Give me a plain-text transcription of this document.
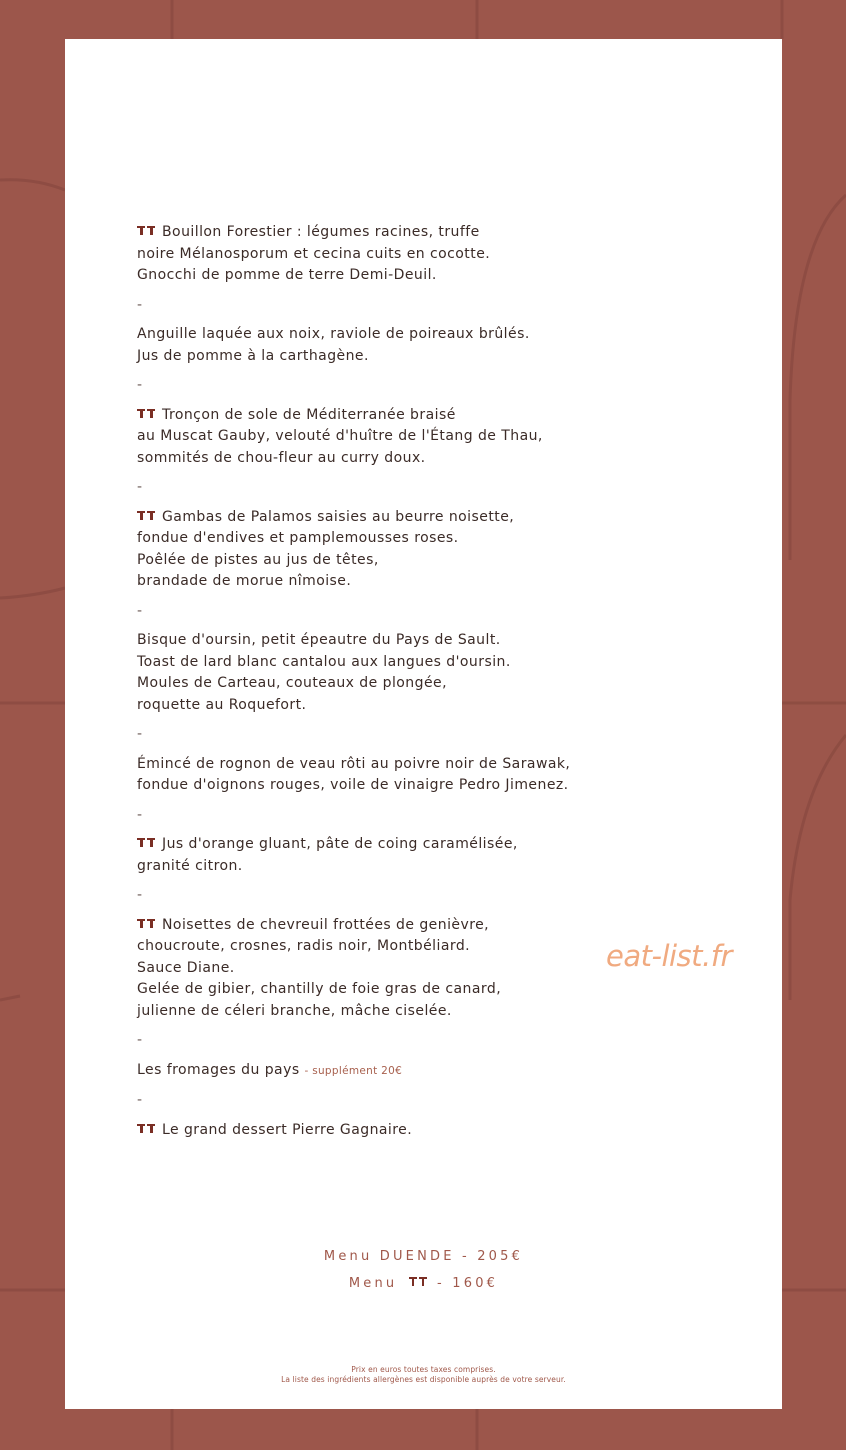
Bouillon Forestier : légumes racines, truffe
noire Mélanosporum et cecina cuits en cocotte.
Gnocchi de pomme de terre Demi-Deuil.
-
Anguille laquée aux noix, raviole de poireaux brûlés.
Jus de pomme à la carthagène.
-
Tronçon de sole de Méditerranée braisé
au Muscat Gauby, velouté d'huître de l'Étang de Thau,
sommités de chou-fleur au curry doux.
-
Gambas de Palamos saisies au beurre noisette,
fondue d'endives et pamplemousses roses.
Poêlée de pistes au jus de têtes,
brandade de morue nîmoise.
-
Bisque d'oursin, petit épeautre du Pays de Sault.
Toast de lard blanc cantalou aux langues d'oursin.
Moules de Carteau, couteaux de plongée,
roquette au Roquefort.
-
Émincé de rognon de veau rôti au poivre noir de Sarawak,
fondue d'oignons rouges, voile de vinaigre Pedro Jimenez.
-
Jus d'orange gluant, pâte de coing caramélisée,
granité citron.
-
Noisettes de chevreuil frottées de genièvre,
choucroute, crosnes, radis noir, Montbéliard.
Sauce Diane.
Gelée de gibier, chantilly de foie gras de canard,
julienne de céleri branche, mâche ciselée.
-
Les fromages du pays - supplément 20€
-
Le grand dessert Pierre Gagnaire.
eat-list.fr
Menu DUENDE - 205€
Menu	- 160€
Prix en euros toutes taxes comprises.
La liste des ingrédients allergènes est disponible auprès de votre serveur.
